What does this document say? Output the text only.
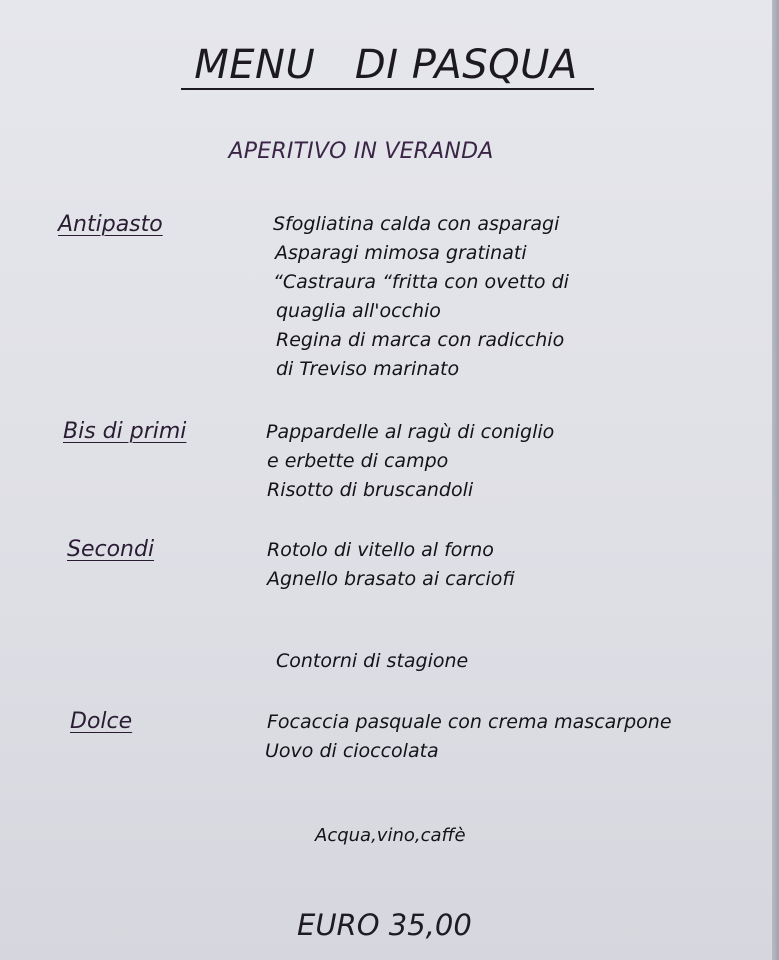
MENU   DI PASQUA
APERITIVO IN VERANDA
Antipasto	Sfogliatina calda con asparagi
Asparagi mimosa gratinati
“Castraura “fritta con ovetto di
quaglia all'occhio
Regina di marca con radicchio
di Treviso marinato
Bis di primi	Pappardelle al ragù di coniglio
e erbette di campo
Risotto di bruscandoli
Secondi	Rotolo di vitello al forno
Agnello brasato ai carciofi
Contorni di stagione
Dolce	Focaccia pasquale con crema mascarpone
Uovo di cioccolata
Acqua,vino,caffè
EURO 35,00
